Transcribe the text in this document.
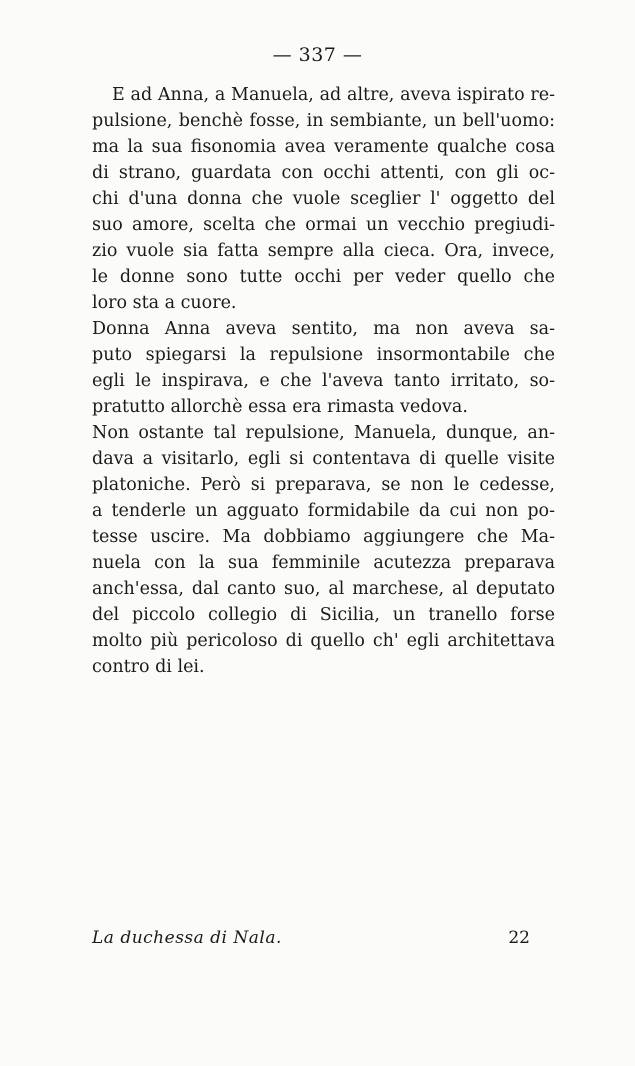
— 337 —
E ad Anna, a Manuela, ad altre, aveva ispirato re-
pulsione, benchè fosse, in sembiante, un bell'uomo:
ma la sua fisonomia avea veramente qualche cosa
di strano, guardata con occhi attenti, con gli oc-
chi d'una donna che vuole sceglier l' oggetto del
suo amore, scelta che ormai un vecchio pregiudi-
zio vuole sia fatta sempre alla cieca. Ora, invece,
le donne sono tutte occhi per veder quello che
loro sta a cuore.
Donna Anna aveva sentito, ma non aveva sa-
puto spiegarsi la repulsione insormontabile che
egli le inspirava, e che l'aveva tanto irritato, so-
pratutto allorchè essa era rimasta vedova.
Non ostante tal repulsione, Manuela, dunque, an-
dava a visitarlo, egli si contentava di quelle visite
platoniche. Però si preparava, se non le cedesse,
a tenderle un agguato formidabile da cui non po-
tesse uscire. Ma dobbiamo aggiungere che Ma-
nuela con la sua femminile acutezza preparava
anch'essa, dal canto suo, al marchese, al deputato
del piccolo collegio di Sicilia, un tranello forse
molto più pericoloso di quello ch' egli architettava
contro di lei.
La duchessa di Nala.	22
